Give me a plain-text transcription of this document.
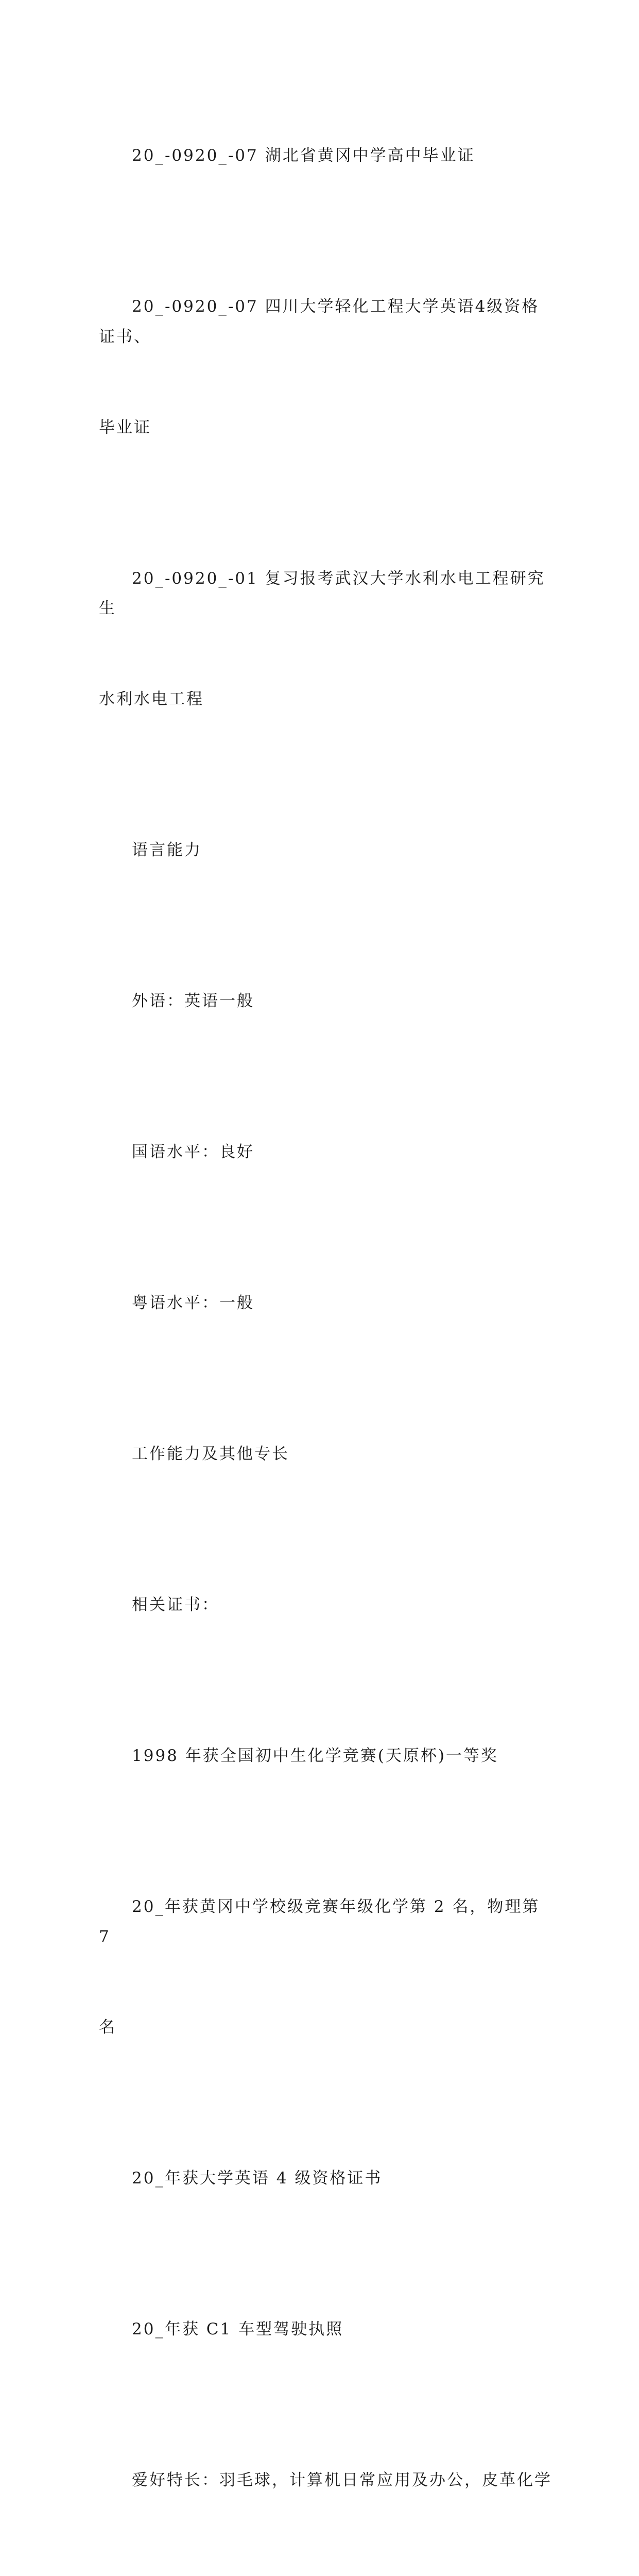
20_-0920_-07 湖北省黄冈中学高中毕业证

20_-0920_-07 四川大学轻化工程大学英语4级资格证书、

毕业证

20_-0920_-01 复习报考武汉大学水利水电工程研究生

水利水电工程

语言能力

外语：英语一般

国语水平：良好

粤语水平：一般

工作能力及其他专长

相关证书：

1998 年获全国初中生化学竞赛(天原杯)一等奖

20_年获黄冈中学校级竞赛年级化学第 2 名，物理第 7

名

20_年获大学英语 4 级资格证书

20_年获 C1 车型驾驶执照

爱好特长：羽毛球，计算机日常应用及办公，皮革化学
